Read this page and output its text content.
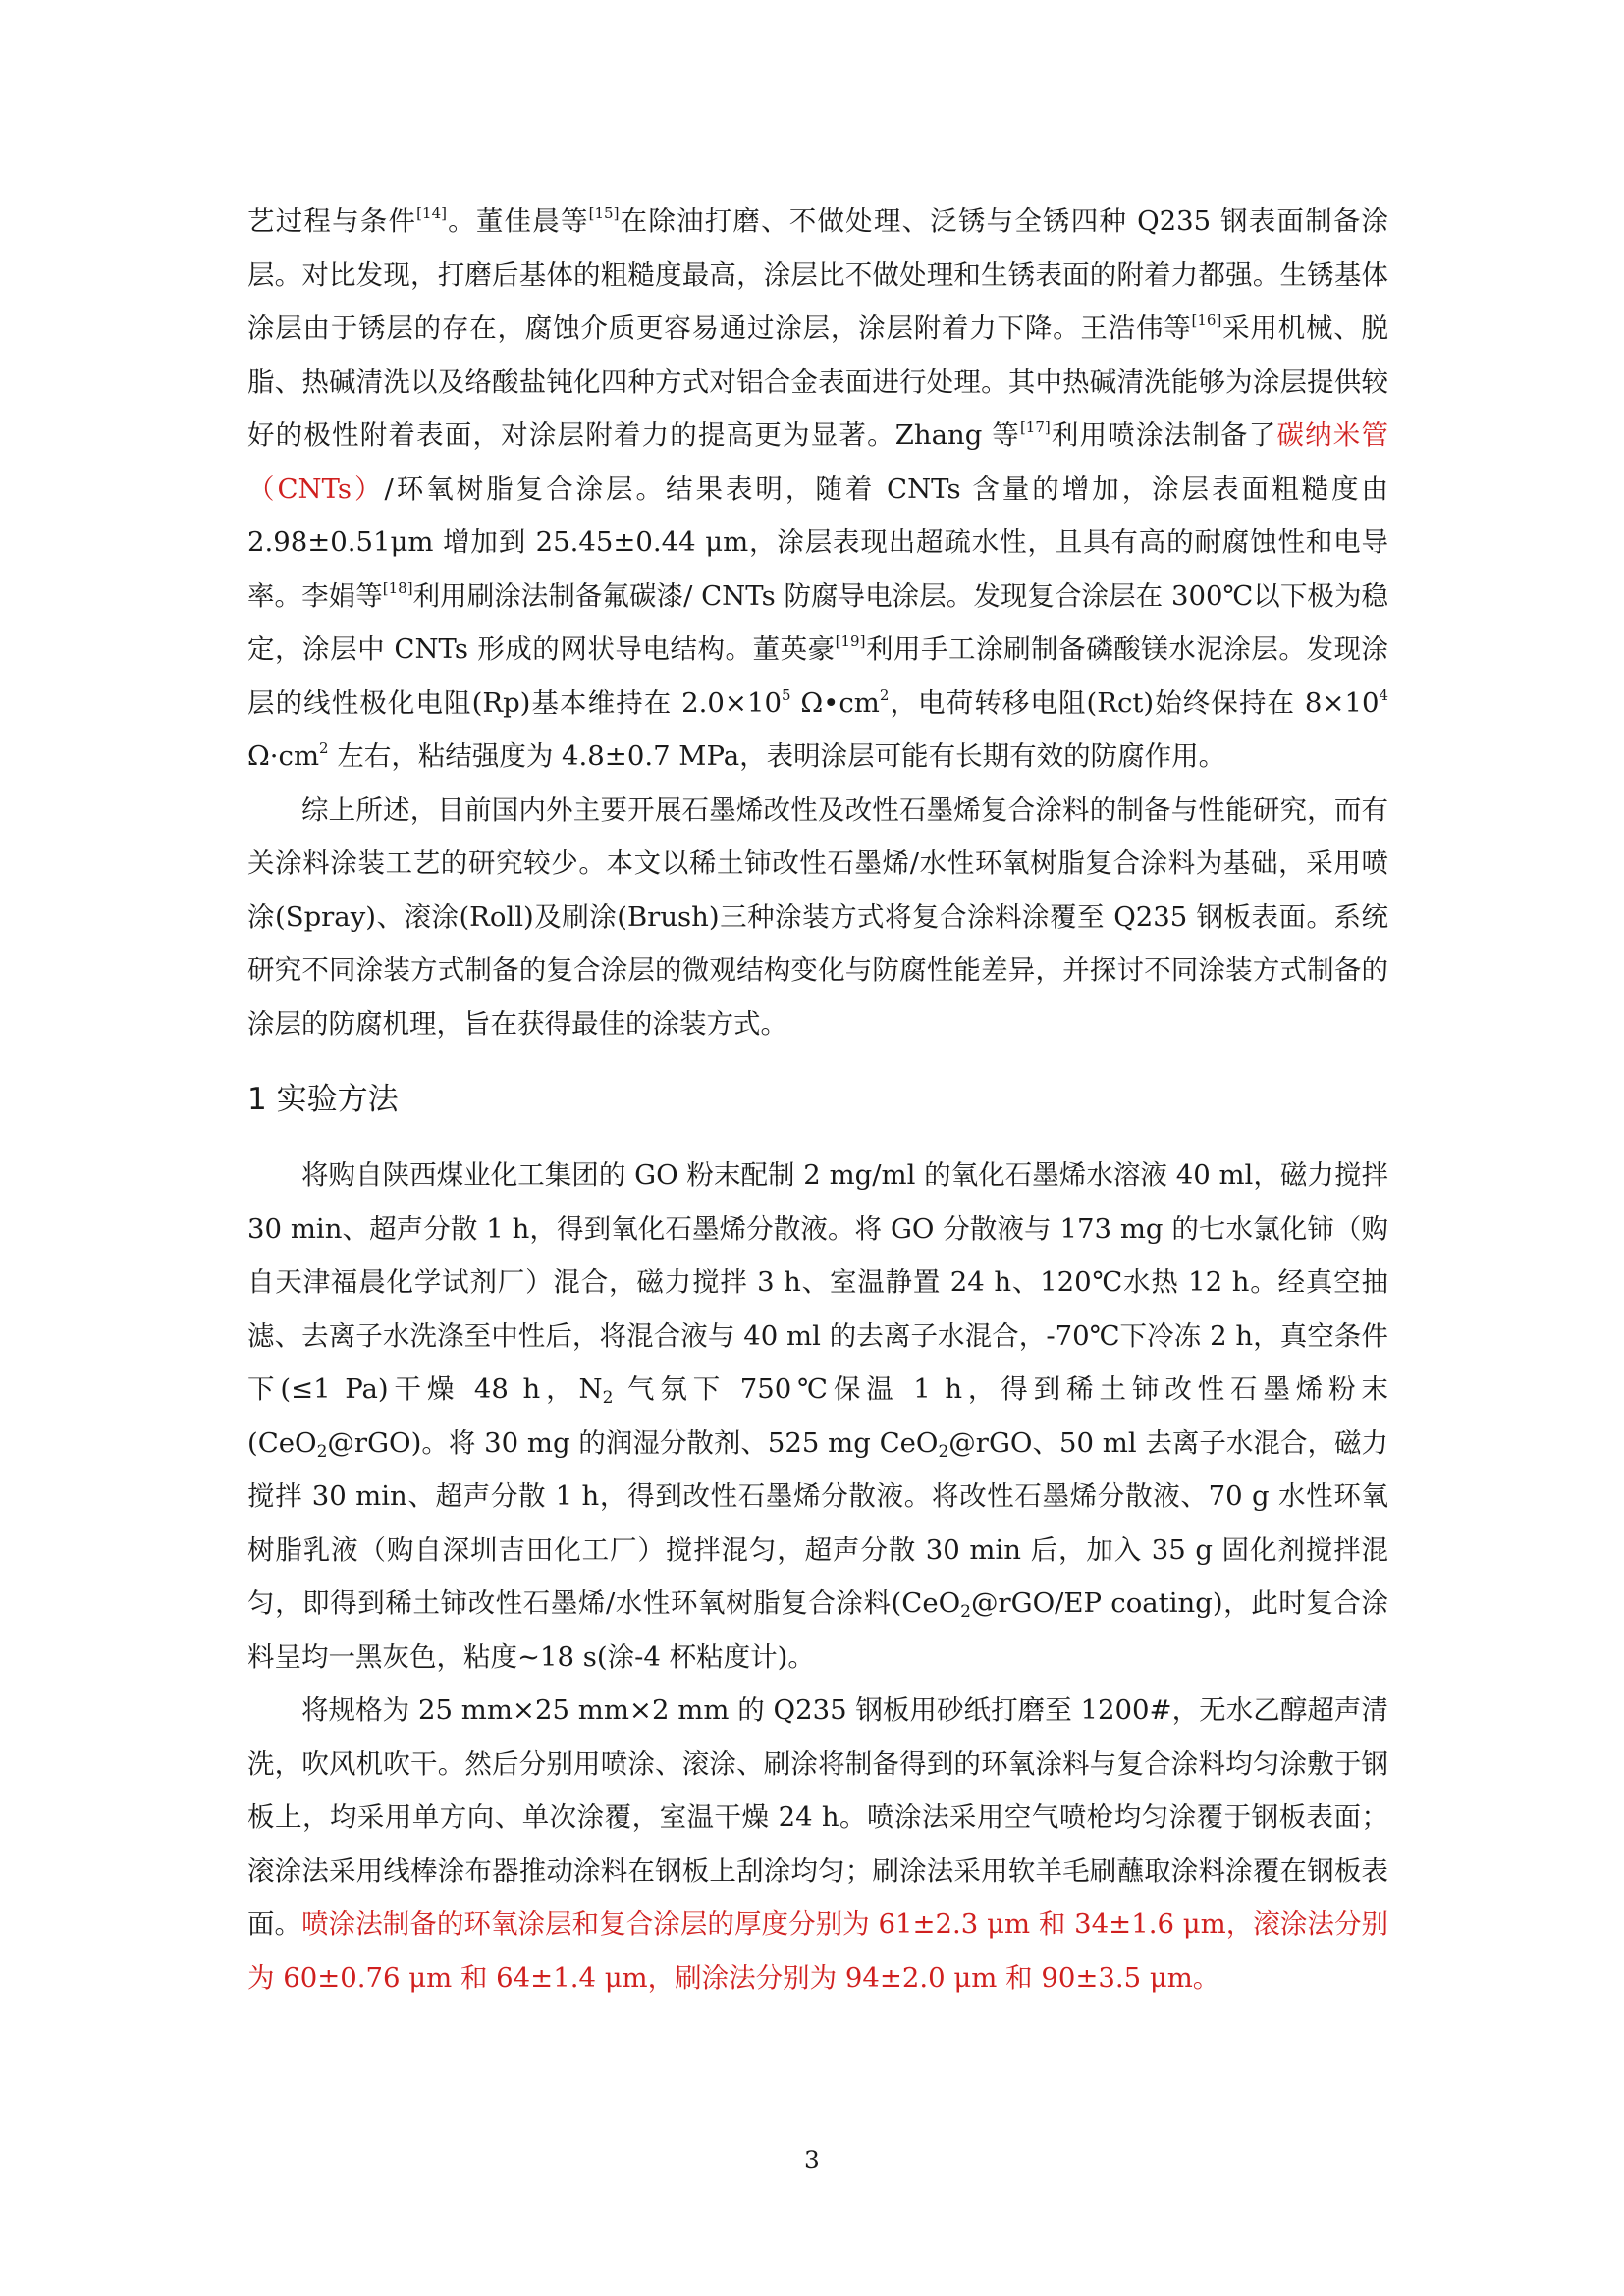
艺过程与条件[14]。董佳晨等[15]在除油打磨、不做处理、泛锈与全锈四种 Q235 钢表面制备涂层。对比发现，打磨后基体的粗糙度最高，涂层比不做处理和生锈表面的附着力都强。生锈基体涂层由于锈层的存在，腐蚀介质更容易通过涂层，涂层附着力下降。王浩伟等[16]采用机械、脱脂、热碱清洗以及络酸盐钝化四种方式对铝合金表面进行处理。其中热碱清洗能够为涂层提供较好的极性附着表面，对涂层附着力的提高更为显著。Zhang 等[17]利用喷涂法制备了碳纳米管（CNTs）/环氧树脂复合涂层。结果表明，随着 CNTs 含量的增加，涂层表面粗糙度由 2.98±0.51μm 增加到 25.45±0.44 μm，涂层表现出超疏水性，且具有高的耐腐蚀性和电导率。李娟等[18]利用刷涂法制备氟碳漆/ CNTs 防腐导电涂层。发现复合涂层在 300℃以下极为稳定，涂层中 CNTs 形成的网状导电结构。董英豪[19]利用手工涂刷制备磷酸镁水泥涂层。发现涂层的线性极化电阻(Rp)基本维持在 $2.0\times 10^5$ $\Omega•cm^2$，电荷转移电阻(Rct)始终保持在 $8\times 10^4$ $\Omega\cdot cm^2$ 左右，粘结强度为 4.8±0.7 MPa，表明涂层可能有长期有效的防腐作用。

综上所述，目前国内外主要开展石墨烯改性及改性石墨烯复合涂料的制备与性能研究，而有关涂料涂装工艺的研究较少。本文以稀土铈改性石墨烯/水性环氧树脂复合涂料为基础，采用喷涂(Spray)、滚涂(Roll)及刷涂(Brush)三种涂装方式将复合涂料涂覆至 Q235 钢板表面。系统研究不同涂装方式制备的复合涂层的微观结构变化与防腐性能差异，并探讨不同涂装方式制备的涂层的防腐机理，旨在获得最佳的涂装方式。

1 实验方法

将购自陕西煤业化工集团的 GO 粉末配制 2 mg/ml 的氧化石墨烯水溶液 40 ml，磁力搅拌 30 min、超声分散 1 h，得到氧化石墨烯分散液。将 GO 分散液与 173 mg 的七水氯化铈（购自天津福晨化学试剂厂）混合，磁力搅拌 3 h、室温静置 24 h、120℃水热 12 h。经真空抽滤、去离子水洗涤至中性后，将混合液与 40 ml 的去离子水混合，-70℃下冷冻 2 h，真空条件下(≤1 Pa)干燥 48 h，$N_2$ 气氛下 750℃保温 1 h，得到稀土铈改性石墨烯粉末(CeO$_2$@rGO)。将 30 mg 的润湿分散剂、525 mg CeO$_2$@rGO、50 ml 去离子水混合，磁力搅拌 30 min、超声分散 1 h，得到改性石墨烯分散液。将改性石墨烯分散液、70 g 水性环氧树脂乳液（购自深圳吉田化工厂）搅拌混匀，超声分散 30 min 后，加入 35 g 固化剂搅拌混匀，即得到稀土铈改性石墨烯/水性环氧树脂复合涂料(CeO$_2$@rGO/EP coating)，此时复合涂料呈均一黑灰色，粘度~18 s(涂-4 杯粘度计)。

将规格为 25 mm×25 mm×2 mm 的 Q235 钢板用砂纸打磨至 1200#，无水乙醇超声清洗，吹风机吹干。然后分别用喷涂、滚涂、刷涂将制备得到的环氧涂料与复合涂料均匀涂敷于钢板上，均采用单方向、单次涂覆，室温干燥 24 h。喷涂法采用空气喷枪均匀涂覆于钢板表面；滚涂法采用线棒涂布器推动涂料在钢板上刮涂均匀；刷涂法采用软羊毛刷蘸取涂料涂覆在钢板表面。喷涂法制备的环氧涂层和复合涂层的厚度分别为 61±2.3 μm 和 34±1.6 μm，滚涂法分别为 60±0.76 μm 和 64±1.4 μm，刷涂法分别为 94±2.0 μm 和 90±3.5 μm。

3
